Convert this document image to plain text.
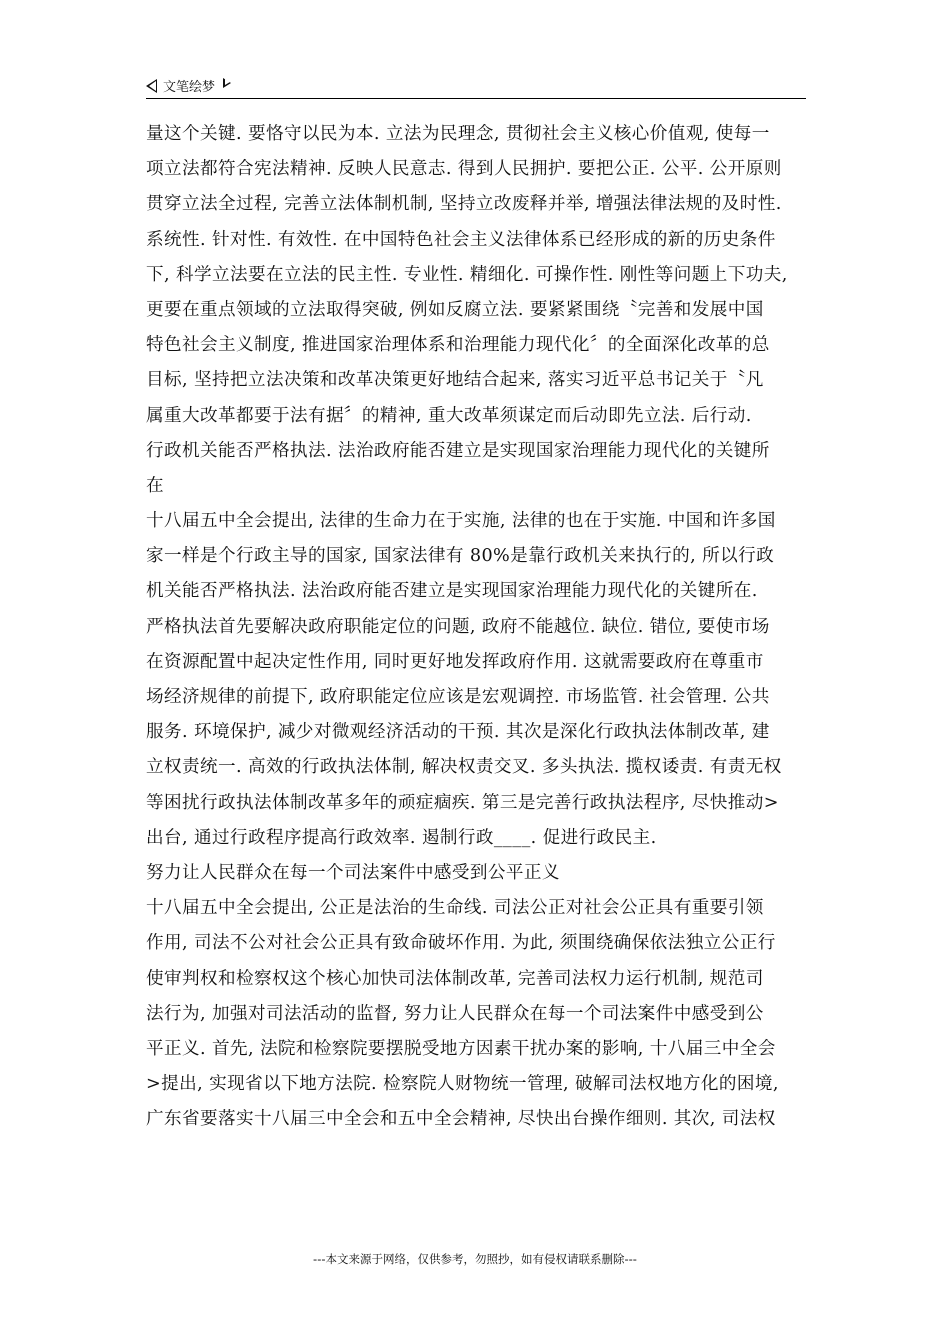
文笔绘梦
量这个关键. 要恪守以民为本. 立法为民理念, 贯彻社会主义核心价值观, 使每一
项立法都符合宪法精神. 反映人民意志. 得到人民拥护. 要把公正. 公平. 公开原则
贯穿立法全过程, 完善立法体制机制, 坚持立改废释并举, 增强法律法规的及时性.
系统性. 针对性. 有效性. 在中国特色社会主义法律体系已经形成的新的历史条件
下, 科学立法要在立法的民主性. 专业性. 精细化. 可操作性. 刚性等问题上下功夫,
更要在重点领域的立法取得突破, 例如反腐立法. 要紧紧围绕〝完善和发展中国
特色社会主义制度, 推进国家治理体系和治理能力现代化〞的全面深化改革的总
目标, 坚持把立法决策和改革决策更好地结合起来, 落实习近平总书记关于〝凡
属重大改革都要于法有据〞的精神, 重大改革须谋定而后动即先立法. 后行动.
行政机关能否严格执法. 法治政府能否建立是实现国家治理能力现代化的关键所
在
十八届五中全会提出, 法律的生命力在于实施, 法律的也在于实施. 中国和许多国
家一样是个行政主导的国家, 国家法律有 80%是靠行政机关来执行的, 所以行政
机关能否严格执法. 法治政府能否建立是实现国家治理能力现代化的关键所在.
严格执法首先要解决政府职能定位的问题, 政府不能越位. 缺位. 错位, 要使市场
在资源配置中起决定性作用, 同时更好地发挥政府作用. 这就需要政府在尊重市
场经济规律的前提下, 政府职能定位应该是宏观调控. 市场监管. 社会管理. 公共
服务. 环境保护, 减少对微观经济活动的干预. 其次是深化行政执法体制改革, 建
立权责统一. 高效的行政执法体制, 解决权责交叉. 多头执法. 揽权诿责. 有责无权
等困扰行政执法体制改革多年的顽症痼疾. 第三是完善行政执法程序, 尽快推动>
出台, 通过行政程序提高行政效率. 遏制行政____. 促进行政民主.
努力让人民群众在每一个司法案件中感受到公平正义
十八届五中全会提出, 公正是法治的生命线. 司法公正对社会公正具有重要引领
作用, 司法不公对社会公正具有致命破坏作用. 为此, 须围绕确保依法独立公正行
使审判权和检察权这个核心加快司法体制改革, 完善司法权力运行机制, 规范司
法行为, 加强对司法活动的监督, 努力让人民群众在每一个司法案件中感受到公
平正义. 首先, 法院和检察院要摆脱受地方因素干扰办案的影响, 十八届三中全会
>提出, 实现省以下地方法院. 检察院人财物统一管理, 破解司法权地方化的困境,
广东省要落实十八届三中全会和五中全会精神, 尽快出台操作细则. 其次, 司法权
---本文来源于网络，仅供参考，勿照抄，如有侵权请联系删除---
